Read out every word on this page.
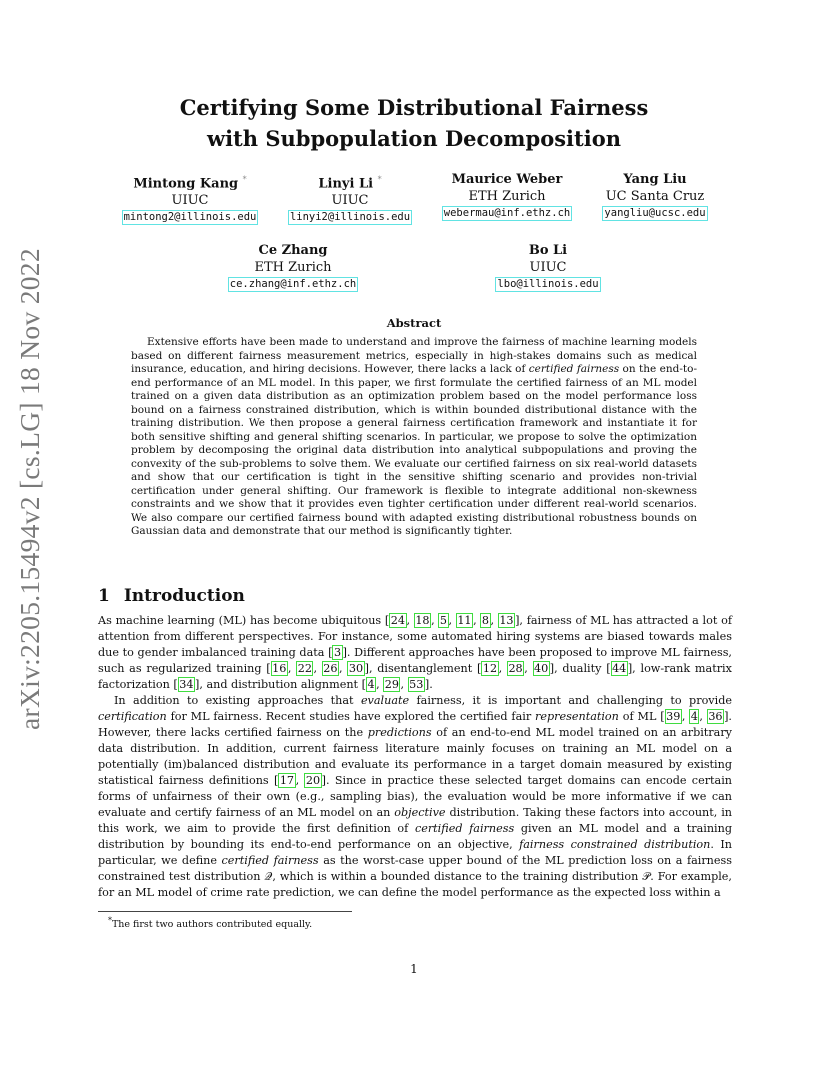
arXiv:2205.15494v2 [cs.LG] 18 Nov 2022
Certifying Some Distributional Fairness
with Subpopulation Decomposition
Mintong Kang *
UIUC
mintong2@illinois.edu
Linyi Li *
UIUC
linyi2@illinois.edu
Maurice Weber
ETH Zurich
webermau@inf.ethz.ch
Yang Liu
UC Santa Cruz
yangliu@ucsc.edu
Ce Zhang
ETH Zurich
ce.zhang@inf.ethz.ch
Bo Li
UIUC
lbo@illinois.edu
Abstract

Extensive efforts have been made to understand and improve the fairness of machine learning models based on different fairness measurement metrics, especially in high-stakes domains such as medical insurance, education, and hiring decisions. However, there lacks a lack of certified fairness on the end-to-end performance of an ML model. In this paper, we first formulate the certified fairness of an ML model trained on a given data distribution as an optimization problem based on the model performance loss bound on a fairness constrained distribution, which is within bounded distributional distance with the training distribution. We then propose a general fairness certification framework and instantiate it for both sensitive shifting and general shifting scenarios. In particular, we propose to solve the optimization problem by decomposing the original data distribution into analytical subpopulations and proving the convexity of the sub-problems to solve them. We evaluate our certified fairness on six real-world datasets and show that our certification is tight in the sensitive shifting scenario and provides non-trivial certification under general shifting. Our framework is flexible to integrate additional non-skewness constraints and we show that it provides even tighter certification under different real-world scenarios. We also compare our certified fairness bound with adapted existing distributional robustness bounds on Gaussian data and demonstrate that our method is significantly tighter.

1 Introduction

As machine learning (ML) has become ubiquitous [ 24 , 18 , 5 , 11 , 8 , 13 ], fairness of ML has attracted a lot of attention from different perspectives. For instance, some automated hiring systems are biased towards males due to gender imbalanced training data [ 3 ]. Different approaches have been proposed to improve ML fairness, such as regularized training [ 16 , 22 , 26 , 30 ], disentanglement [ 12 , 28 , 40 ], duality [ 44 ], low-rank matrix factorization [ 34 ], and distribution alignment [ 4 , 29 , 53 ].

In addition to existing approaches that evaluate fairness, it is important and challenging to provide certification for ML fairness. Recent studies have explored the certified fair representation of ML [ 39 , 4 , 36 ]. However, there lacks certified fairness on the predictions of an end-to-end ML model trained on an arbitrary data distribution. In addition, current fairness literature mainly focuses on training an ML model on a potentially (im)balanced distribution and evaluate its performance in a target domain measured by existing statistical fairness definitions [ 17 , 20 ]. Since in practice these selected target domains can encode certain forms of unfairness of their own (e.g., sampling bias), the evaluation would be more informative if we can evaluate and certify fairness of an ML model on an objective distribution. Taking these factors into account, in this work, we aim to provide the first definition of certified fairness given an ML model and a training distribution by bounding its end-to-end performance on an objective, fairness constrained distribution. In particular, we define certified fairness as the worst-case upper bound of the ML prediction loss on a fairness constrained test distribution 𝒬, which is within a bounded distance to the training distribution 𝒫. For example, for an ML model of crime rate prediction, we can define the model performance as the expected loss within a

*The first two authors contributed equally.
1
